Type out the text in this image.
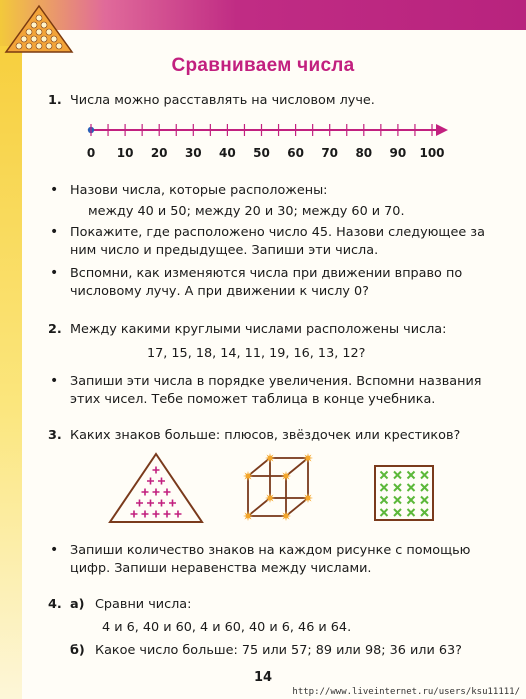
Сравниваем числа
1. Числа можно расставлять на числовом луче.
0 10 20 30 40 50 60 70 80 90 100
• Назови числа, которые расположены:
между 40 и 50; между 20 и 30; между 60 и 70.
• Покажите, где расположено число 45. Назови следующее за
ним число и предыдущее. Запиши эти числа.
• Вспомни, как изменяются числа при движении вправо по
числовому лучу. А при движении к числу 0?
2. Между какими круглыми числами расположены числа:
17, 15, 18, 14, 11, 19, 16, 13, 12?
• Запиши эти числа в порядке увеличения. Вспомни названия
этих чисел. Тебе поможет таблица в конце учебника.
3. Каких знаков больше: плюсов, звёздочек или крестиков?
• Запиши количество знаков на каждом рисунке с помощью
цифр. Запиши неравенства между числами.
4. а) Сравни числа:
4 и 6, 40 и 60, 4 и 60, 40 и 6, 46 и 64.
б) Какое число больше: 75 или 57; 89 или 98; 36 или 63?
14
http://www.liveinternet.ru/users/ksu11111/
